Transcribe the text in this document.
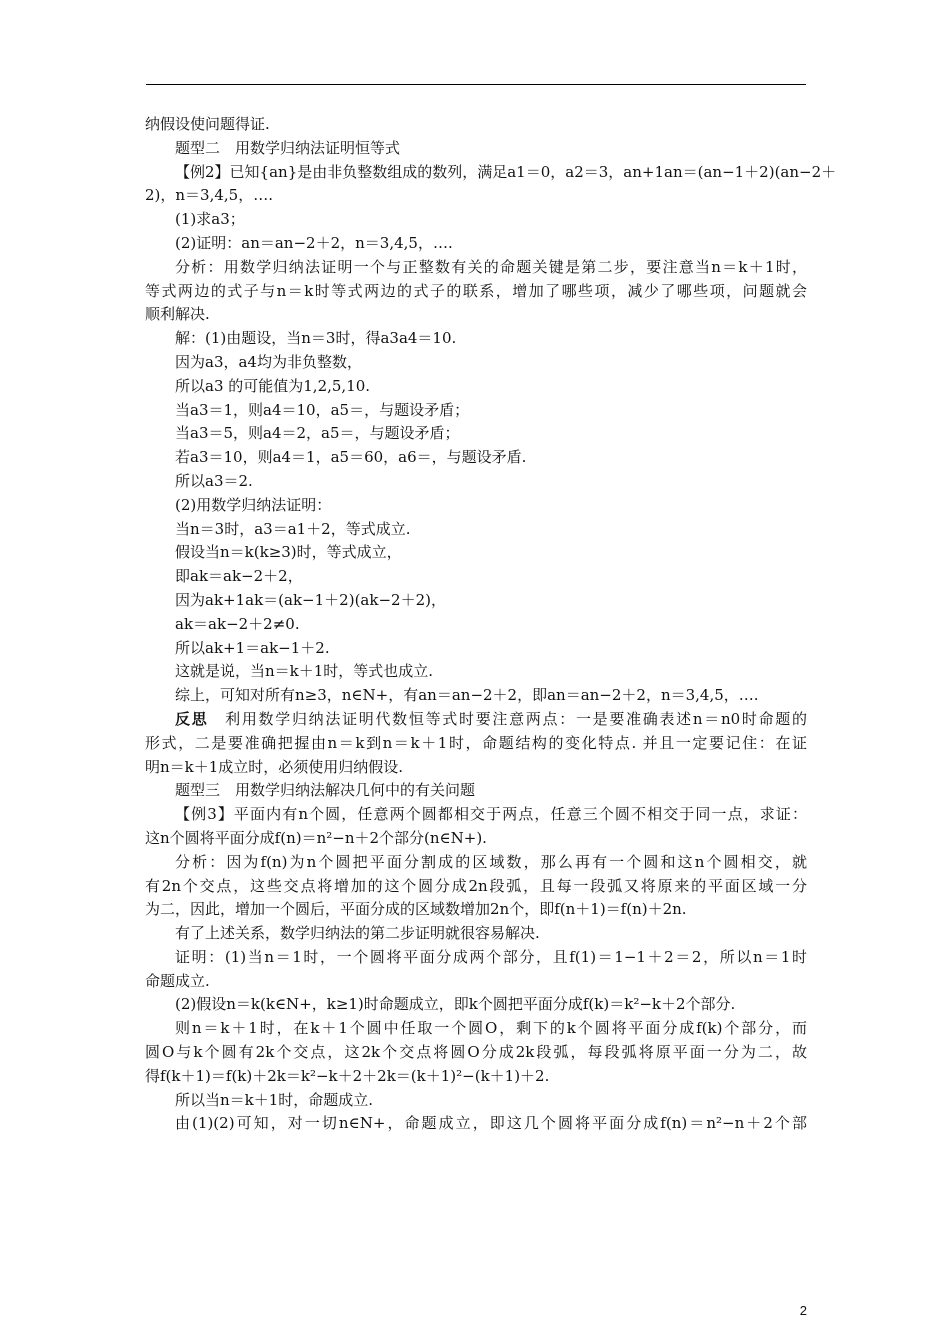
纳假设使问题得证.
题型二　用数学归纳法证明恒等式
【例2】已知{an}是由非负整数组成的数列，满足a1＝0，a2＝3，an+1an＝(an−1＋2)(an−2＋
2)，n＝3,4,5，….
(1)求a3；
(2)证明：an＝an−2＋2，n＝3,4,5，….
分析：用数学归纳法证明一个与正整数有关的命题关键是第二步，要注意当n＝k＋1时，
等式两边的式子与n＝k时等式两边的式子的联系，增加了哪些项，减少了哪些项，问题就会
顺利解决.
解：(1)由题设，当n＝3时，得a3a4＝10.
因为a3，a4均为非负整数，
所以a3 的可能值为1,2,5,10.
当a3＝1，则a4＝10，a5＝，与题设矛盾；
当a3＝5，则a4＝2，a5＝，与题设矛盾；
若a3＝10，则a4＝1，a5＝60，a6＝，与题设矛盾.
所以a3＝2.
(2)用数学归纳法证明：
当n＝3时，a3＝a1＋2，等式成立.
假设当n＝k(k≥3)时，等式成立，
即ak＝ak−2＋2，
因为ak+1ak＝(ak−1＋2)(ak−2＋2)，
ak＝ak−2＋2≠0.
所以ak+1＝ak−1＋2.
这就是说，当n＝k＋1时，等式也成立.
综上，可知对所有n≥3，n∈N+，有an＝an−2＋2，即an＝an−2＋2，n＝3,4,5，….
反思　利用数学归纳法证明代数恒等式时要注意两点：一是要准确表述n＝n0时命题的
形式，二是要准确把握由n＝k到n＝k＋1时，命题结构的变化特点. 并且一定要记住：在证
明n＝k＋1成立时，必须使用归纳假设.
题型三　用数学归纳法解决几何中的有关问题
【例3】平面内有n个圆，任意两个圆都相交于两点，任意三个圆不相交于同一点，求证：
这n个圆将平面分成f(n)＝n²−n＋2个部分(n∈N+).
分析：因为f(n)为n个圆把平面分割成的区域数，那么再有一个圆和这n个圆相交，就
有2n个交点，这些交点将增加的这个圆分成2n段弧，且每一段弧又将原来的平面区域一分
为二，因此，增加一个圆后，平面分成的区域数增加2n个，即f(n＋1)＝f(n)＋2n.
有了上述关系，数学归纳法的第二步证明就很容易解决.
证明：(1)当n＝1时，一个圆将平面分成两个部分，且f(1)＝1−1＋2＝2，所以n＝1时
命题成立.
(2)假设n＝k(k∈N+，k≥1)时命题成立，即k个圆把平面分成f(k)＝k²−k＋2个部分.
则n＝k＋1时，在k＋1个圆中任取一个圆O，剩下的k个圆将平面分成f(k)个部分，而
圆O与k个圆有2k个交点，这2k个交点将圆O分成2k段弧，每段弧将原平面一分为二，故
得f(k＋1)＝f(k)＋2k＝k²−k＋2＋2k＝(k＋1)²−(k＋1)＋2.
所以当n＝k＋1时，命题成立.
由(1)(2)可知，对一切n∈N+，命题成立，即这几个圆将平面分成f(n)＝n²−n＋2个部
2
